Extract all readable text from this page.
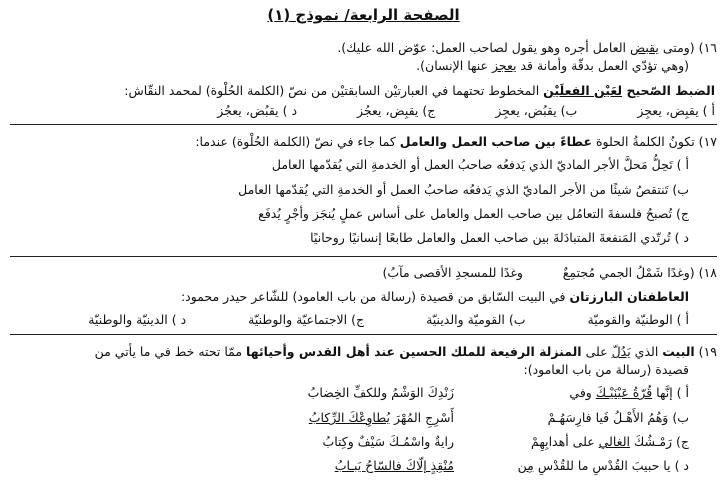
الصفحة الرابعة/ نموذج (١)
١٦) (ومتى يقبض العامل أجره وهو يقول لصاحب العمل: عوّض الله عليك).
(وهي تؤدّي العمل بدقّة وأمانة قد يعجز عنها الإنسان).
الضبط الصّحيح لعَيْن الفعلَيْن المخطوط تحتهما في العبارتيْن السابقتيْن من نصّ (الكلمة الحُلْوة) لمحمد النقّاش:
أ ) يقبِض، يعجِز
ب) يقبُض، يعجِز
ج) يقبِض، يعجُز
د ) يقبُض، يعجُز
١٧) تكونُ الكلمةُ الحلوة عطاءً بين صاحب العمل والعامل كما جاء في نصّ (الكلمة الحُلْوة) عندما:
أ ) تَحِلُّ مَحلَّ الأجر الماديّ الذي يَدفعُه صاحبُ العمل أو الخدمةِ التي يُقدّمها العامل
ب) تَنتقصُ شيئًا من الأجر الماديّ الذي يَدفعُه صاحبُ العمل أو الخدمةِ التي يُقدّمها العامل
ج) تُصبحُ فلسفةَ التعامُل بين صاحب العمل والعامل على أساس عملٍ يُنجَز وأجْرٍ يُدفَع
د ) تُرتّدي المَنفعةَ المتبادَلةَ بين صاحب العمل والعامل طابعًا إنسانيًا روحانيًا
١٨) (وغدًا شَمْلُ الجمي مُجتمِعٌ          وغدًا للمسجدِ الأقصى مآبُ)
العاطفتان البارزتان في البيت السّابق من قصيدة (رسالة من باب العامود) للشّاعر حيدر محمود:
أ ) الوطنيّة والقوميّة
ب) القوميّة والدينيّة
ج) الاجتماعيّة والوطنيّة
د ) الدينيّة والوطنيّة
١٩) البيت الذي يَدُلّ على المنزلة الرفيعة للملك الحسين عند أهل القدس وأحيائها ممّا تحته خط في ما يأتي من
قصيدة (رسالة من باب العامود):
أ ) إنَّها قُرّةُ عَيْنَيْـكَ وفي
زَنْدِكَ الوَشْمُ وللكفِّ الخِضابُ
ب) وَهُمُ الأَهْـلُ فَيا فارِسَهُـمْ
أَسْرِجِ المُهْرَ يُطاوِعْكَ الرِّكابُ
ج) رَمْـشُكَ الغالي على أهدابِهِمْ
رايةٌ واسْمُـكَ سَيْفٌ وكِتابُ
د ) يا حبيبَ القُدْسِ ما للقُدْسِ مِن
مُنْقِذٍ إلّاكَ فالسّاحُ يَبـابُ
